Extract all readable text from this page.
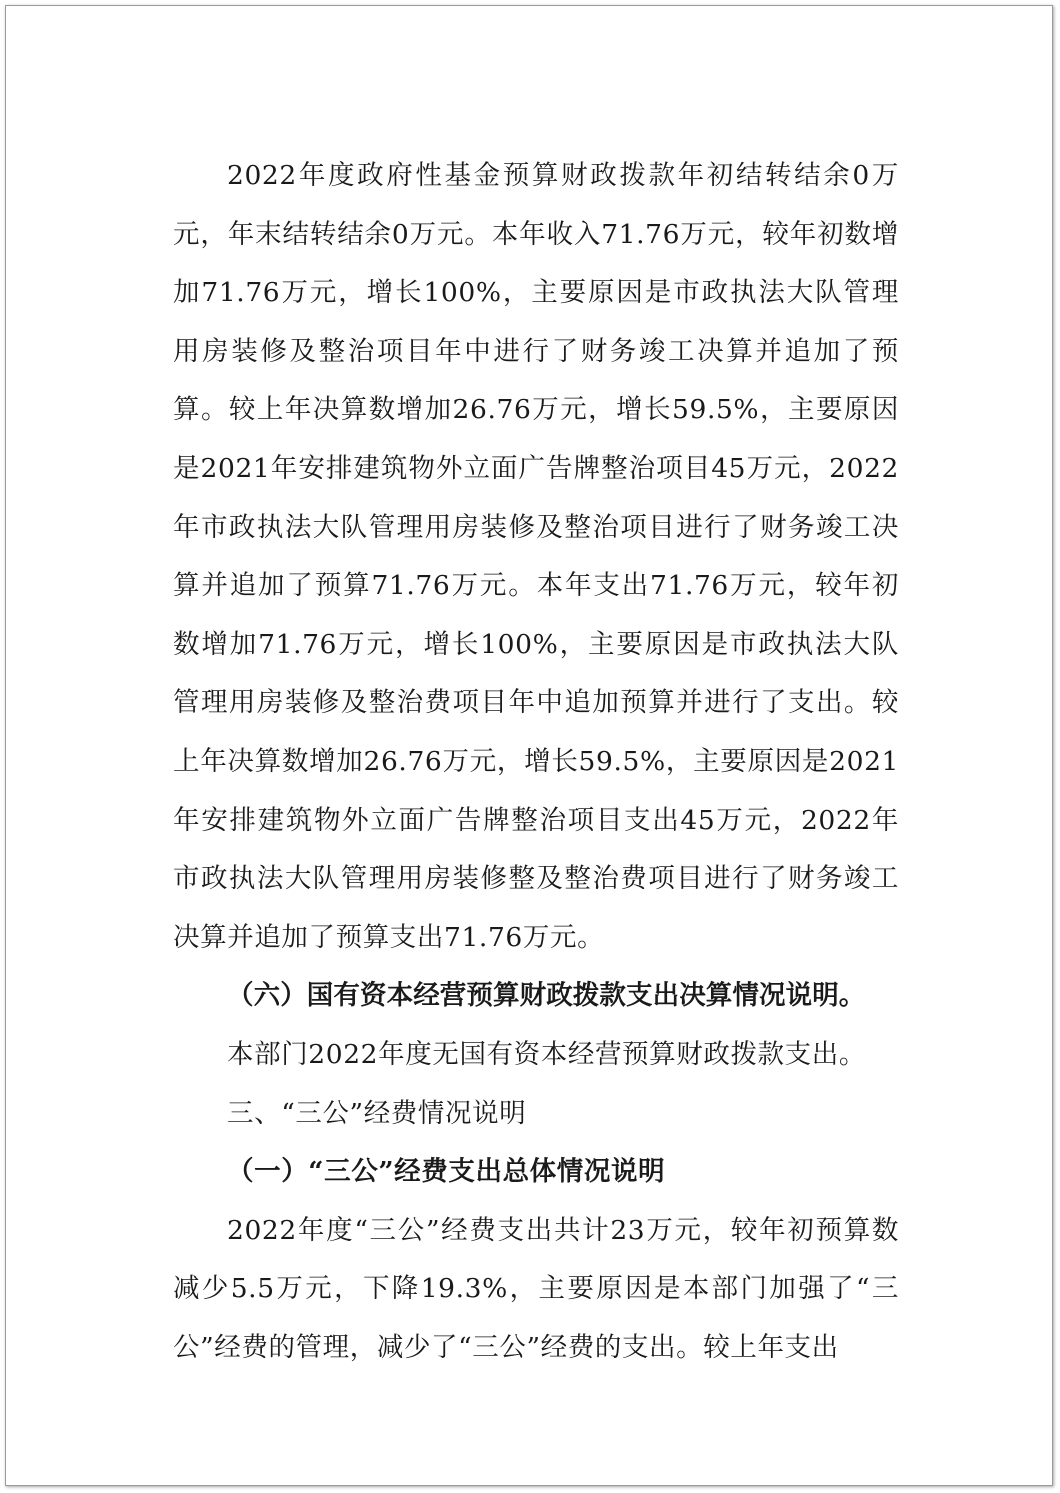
2022年度政府性基金预算财政拨款年初结转结余0万元，年末结转结余0万元。本年收入71.76万元，较年初数增加71.76万元，增长100%，主要原因是市政执法大队管理用房装修及整治项目年中进行了财务竣工决算并追加了预算。较上年决算数增加26.76万元，增长59.5%，主要原因是2021年安排建筑物外立面广告牌整治项目45万元，2022年市政执法大队管理用房装修及整治项目进行了财务竣工决算并追加了预算71.76万元。本年支出71.76万元，较年初数增加71.76万元，增长100%，主要原因是市政执法大队管理用房装修及整治费项目年中追加预算并进行了支出。较上年决算数增加26.76万元，增长59.5%，主要原因是2021年安排建筑物外立面广告牌整治项目支出45万元，2022年市政执法大队管理用房装修整及整治费项目进行了财务竣工决算并追加了预算支出71.76万元。

（六）国有资本经营预算财政拨款支出决算情况说明。

本部门2022年度无国有资本经营预算财政拨款支出。

三、“三公”经费情况说明

（一）“三公”经费支出总体情况说明

2022年度“三公”经费支出共计23万元，较年初预算数减少5.5万元，下降19.3%，主要原因是本部门加强了“三公”经费的管理，减少了“三公”经费的支出。较上年支出
